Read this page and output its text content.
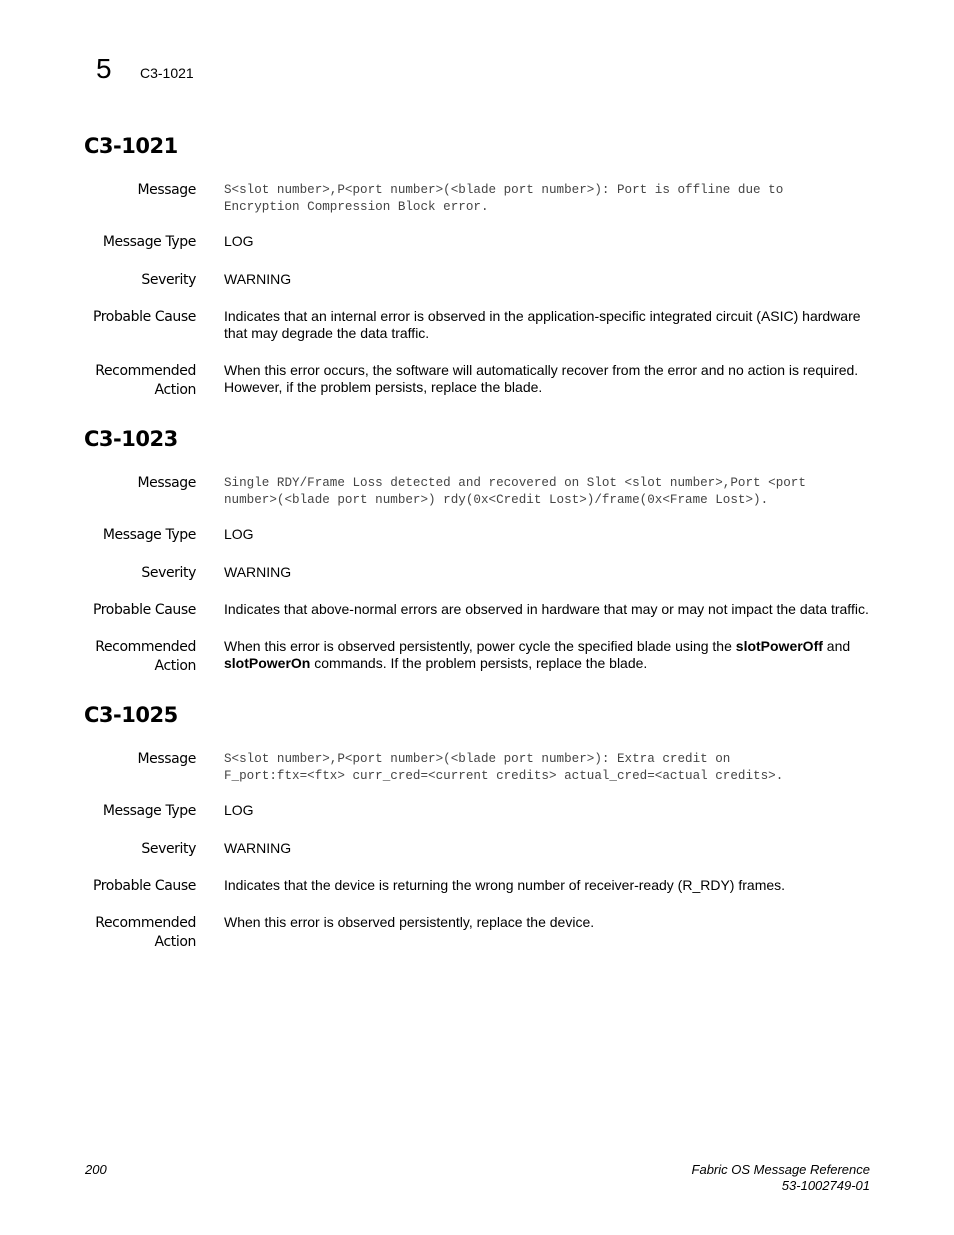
5 C3-1021
C3-1021
Message S<slot number>,P<port number>(<blade port number>): Port is offline due to
Encryption Compression Block error.
Message Type LOG
Severity WARNING
Probable Cause Indicates that an internal error is observed in the application-specific integrated circuit (ASIC) hardware that may degrade the data traffic.
Recommended
Action
When this error occurs, the software will automatically recover from the error and no action is required. However, if the problem persists, replace the blade.
C3-1023
Message Single RDY/Frame Loss detected and recovered on Slot <slot number>,Port <port
number>(<blade port number>) rdy(0x<Credit Lost>)/frame(0x<Frame Lost>).
Message Type LOG
Severity WARNING
Probable Cause Indicates that above-normal errors are observed in hardware that may or may not impact the data traffic.
Recommended
Action
When this error is observed persistently, power cycle the specified blade using the slotPowerOff and slotPowerOn commands. If the problem persists, replace the blade.
C3-1025
Message S<slot number>,P<port number>(<blade port number>): Extra credit on
F_port:ftx=<ftx> curr_cred=<current credits> actual_cred=<actual credits>.
Message Type LOG
Severity WARNING
Probable Cause Indicates that the device is returning the wrong number of receiver-ready (R_RDY) frames.
Recommended
Action
When this error is observed persistently, replace the device.
200	Fabric OS Message Reference
53-1002749-01
